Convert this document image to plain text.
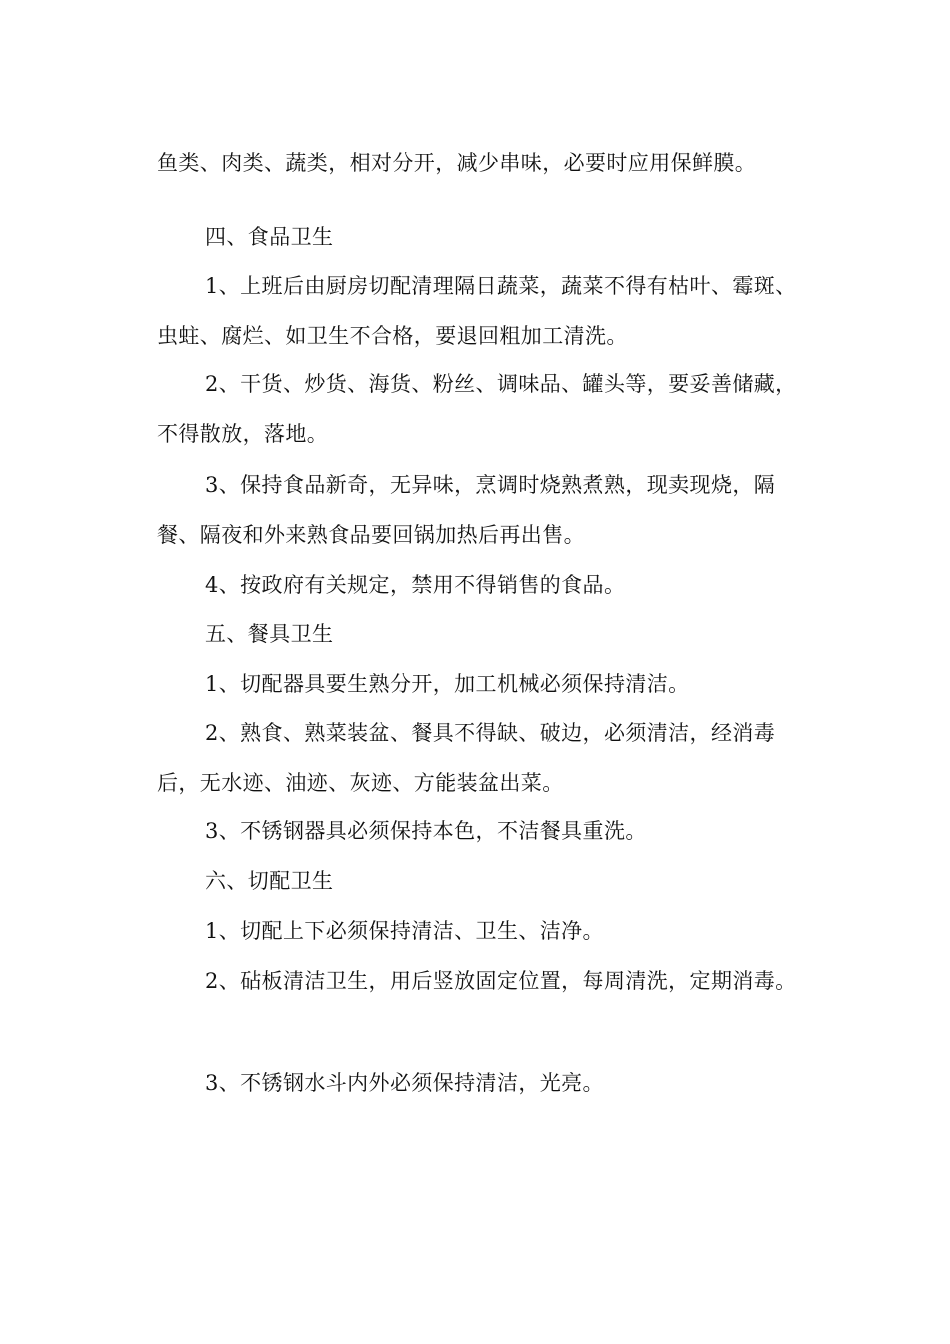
鱼类、肉类、蔬类，相对分开，减少串味，必要时应用保鲜膜。

四、食品卫生

1、上班后由厨房切配清理隔日蔬菜，蔬菜不得有枯叶、霉斑、虫蛀、腐烂、如卫生不合格，要退回粗加工清洗。

2、干货、炒货、海货、粉丝、调味品、罐头等，要妥善储藏，不得散放，落地。

3、保持食品新奇，无异味，烹调时烧熟煮熟，现卖现烧，隔餐、隔夜和外来熟食品要回锅加热后再出售。

4、按政府有关规定，禁用不得销售的食品。

五、餐具卫生

1、切配器具要生熟分开，加工机械必须保持清洁。

2、熟食、熟菜装盆、餐具不得缺、破边，必须清洁，经消毒后，无水迹、油迹、灰迹、方能装盆出菜。

3、不锈钢器具必须保持本色，不洁餐具重洗。

六、切配卫生

1、切配上下必须保持清洁、卫生、洁净。

2、砧板清洁卫生，用后竖放固定位置，每周清洗，定期消毒。

3、不锈钢水斗内外必须保持清洁，光亮。
